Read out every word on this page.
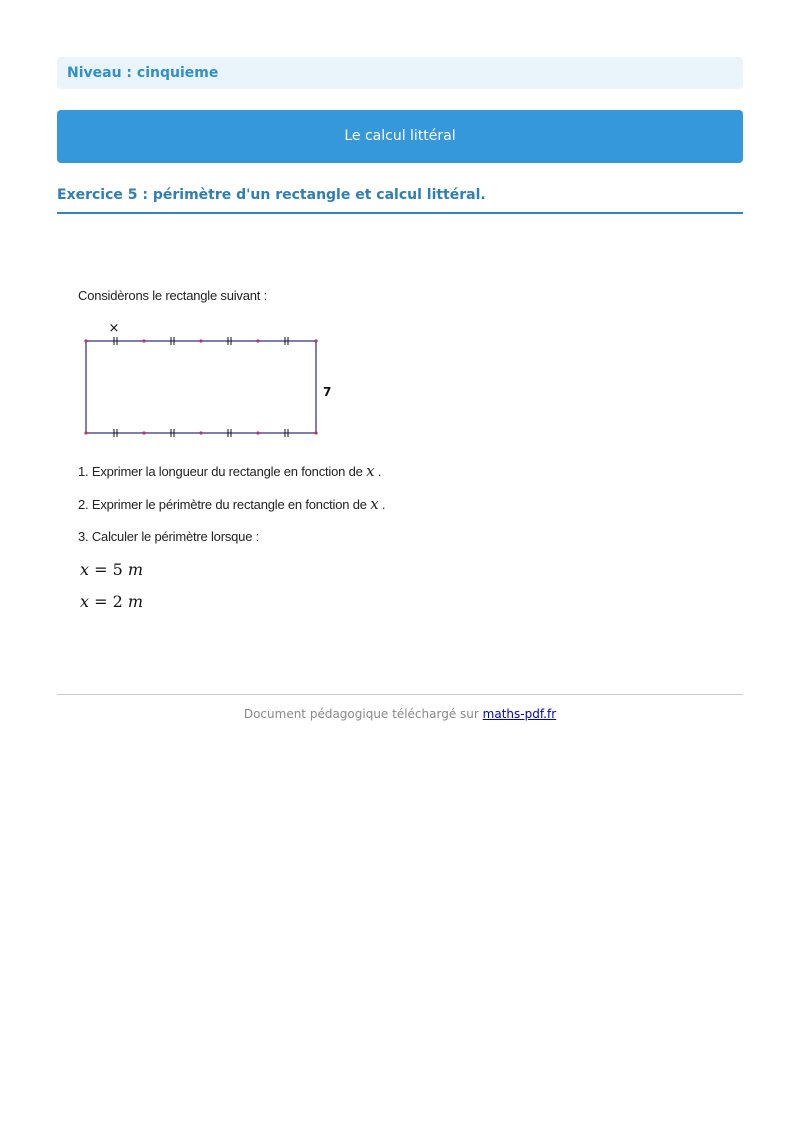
Niveau : cinquieme
Le calcul littéral
Exercice 5 : périmètre d'un rectangle et calcul littéral.
Considèrons le rectangle suivant :
×
7
1. Exprimer la longueur du rectangle en fonction de x .
2. Exprimer le périmètre du rectangle en fonction de x .
3. Calculer le périmètre lorsque :
x = 5 m
x = 2 m
Document pédagogique téléchargé sur maths-pdf.fr
